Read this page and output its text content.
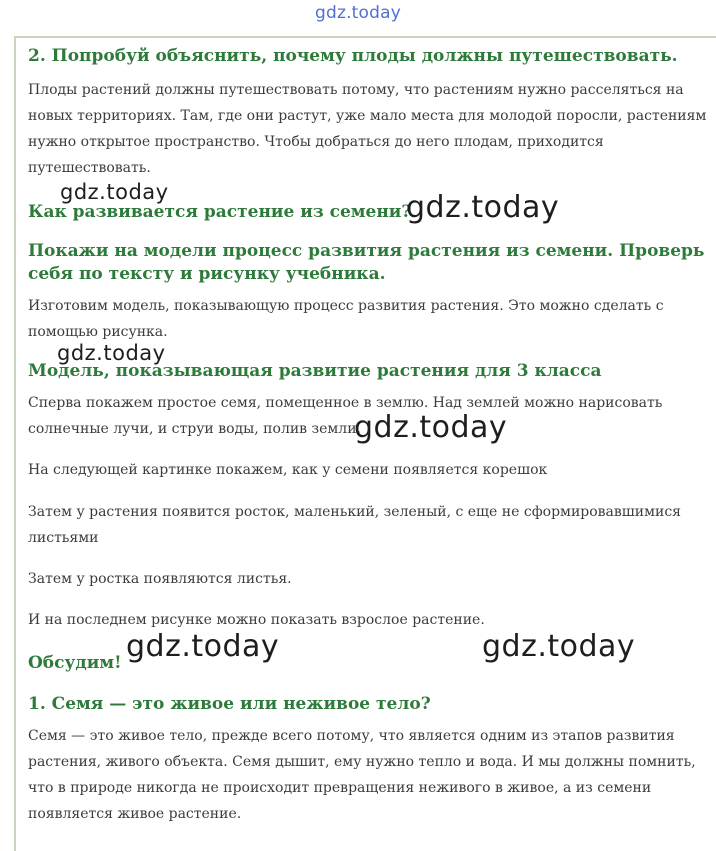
gdz.today
2. Попробуй объяснить, почему плоды должны путешествовать.

Плоды растений должны путешествовать потому, что растениям нужно расселяться на

новых территориях. Там, где они растут, уже мало места для молодой поросли, растениям

нужно открытое пространство. Чтобы добраться до него плодам, приходится

путешествовать.

Как развивается растение из семени?
Покажи на модели процесс развития растения из семени. Проверь
себя по тексту и рисунку учебника.

Изготовим модель, показывающую процесс развития растения. Это можно сделать с

помощью рисунка.

Модель, показывающая развитие растения для 3 класса

Сперва покажем простое семя, помещенное в землю. Над землей можно нарисовать

солнечные лучи, и струи воды, полив земли.

На следующей картинке покажем, как у семени появляется корешок

Затем у растения появится росток, маленький, зеленый, с еще не сформировавшимися

листьями

Затем у ростка появляются листья.

И на последнем рисунке можно показать взрослое растение.

Обсудим!
1. Семя — это живое или неживое тело?

Семя — это живое тело, прежде всего потому, что является одним из этапов развития

растения, живого объекта. Семя дышит, ему нужно тепло и вода. И мы должны помнить,

что в природе никогда не происходит превращения неживого в живое, а из семени

появляется живое растение.

gdz.today	gdz.today
gdz.today
gdz.today
gdz.today	gdz.today
